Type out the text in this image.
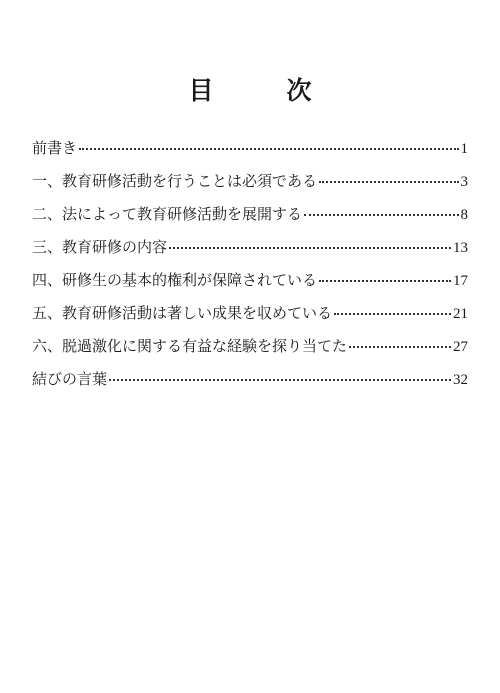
目　次
前書き	1
一、教育研修活動を行うことは必須である	3
二、法によって教育研修活動を展開する	8
三、教育研修の内容	13
四、研修生の基本的権利が保障されている	17
五、教育研修活動は著しい成果を収めている	21
六、脱過激化に関する有益な経験を探り当てた	27
結びの言葉	32
